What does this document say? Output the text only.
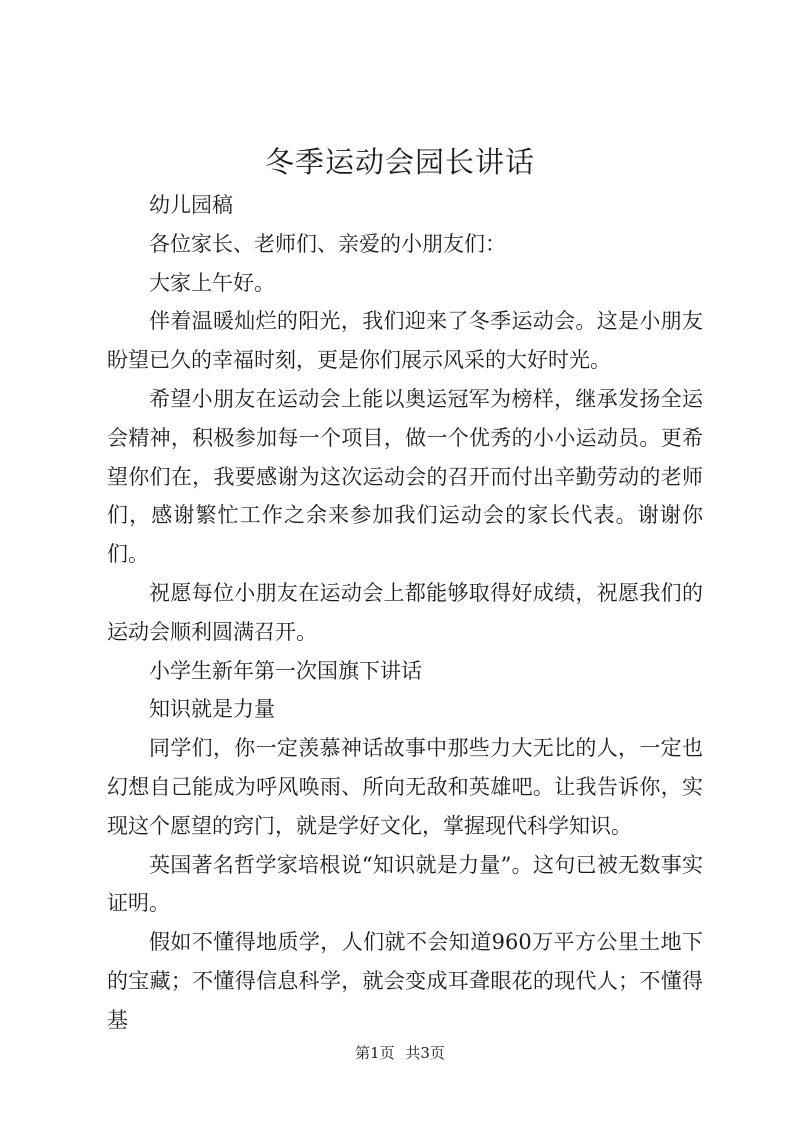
冬季运动会园长讲话

幼儿园稿

各位家长、老师们、亲爱的小朋友们：

大家上午好。

伴着温暖灿烂的阳光，我们迎来了冬季运动会。这是小朋友盼望已久的幸福时刻，更是你们展示风采的大好时光。

希望小朋友在运动会上能以奥运冠军为榜样，继承发扬全运会精神，积极参加每一个项目，做一个优秀的小小运动员。更希望你们在，我要感谢为这次运动会的召开而付出辛勤劳动的老师们，感谢繁忙工作之余来参加我们运动会的家长代表。谢谢你们。

祝愿每位小朋友在运动会上都能够取得好成绩，祝愿我们的运动会顺利圆满召开。

小学生新年第一次国旗下讲话

知识就是力量

同学们，你一定羡慕神话故事中那些力大无比的人，一定也幻想自己能成为呼风唤雨、所向无敌和英雄吧。让我告诉你，实现这个愿望的窍门，就是学好文化，掌握现代科学知识。

英国著名哲学家培根说“知识就是力量”。这句已被无数事实证明。

假如不懂得地质学，人们就不会知道960万平方公里土地下的宝藏；不懂得信息科学，就会变成耳聋眼花的现代人；不懂得基

第1页 共3页
